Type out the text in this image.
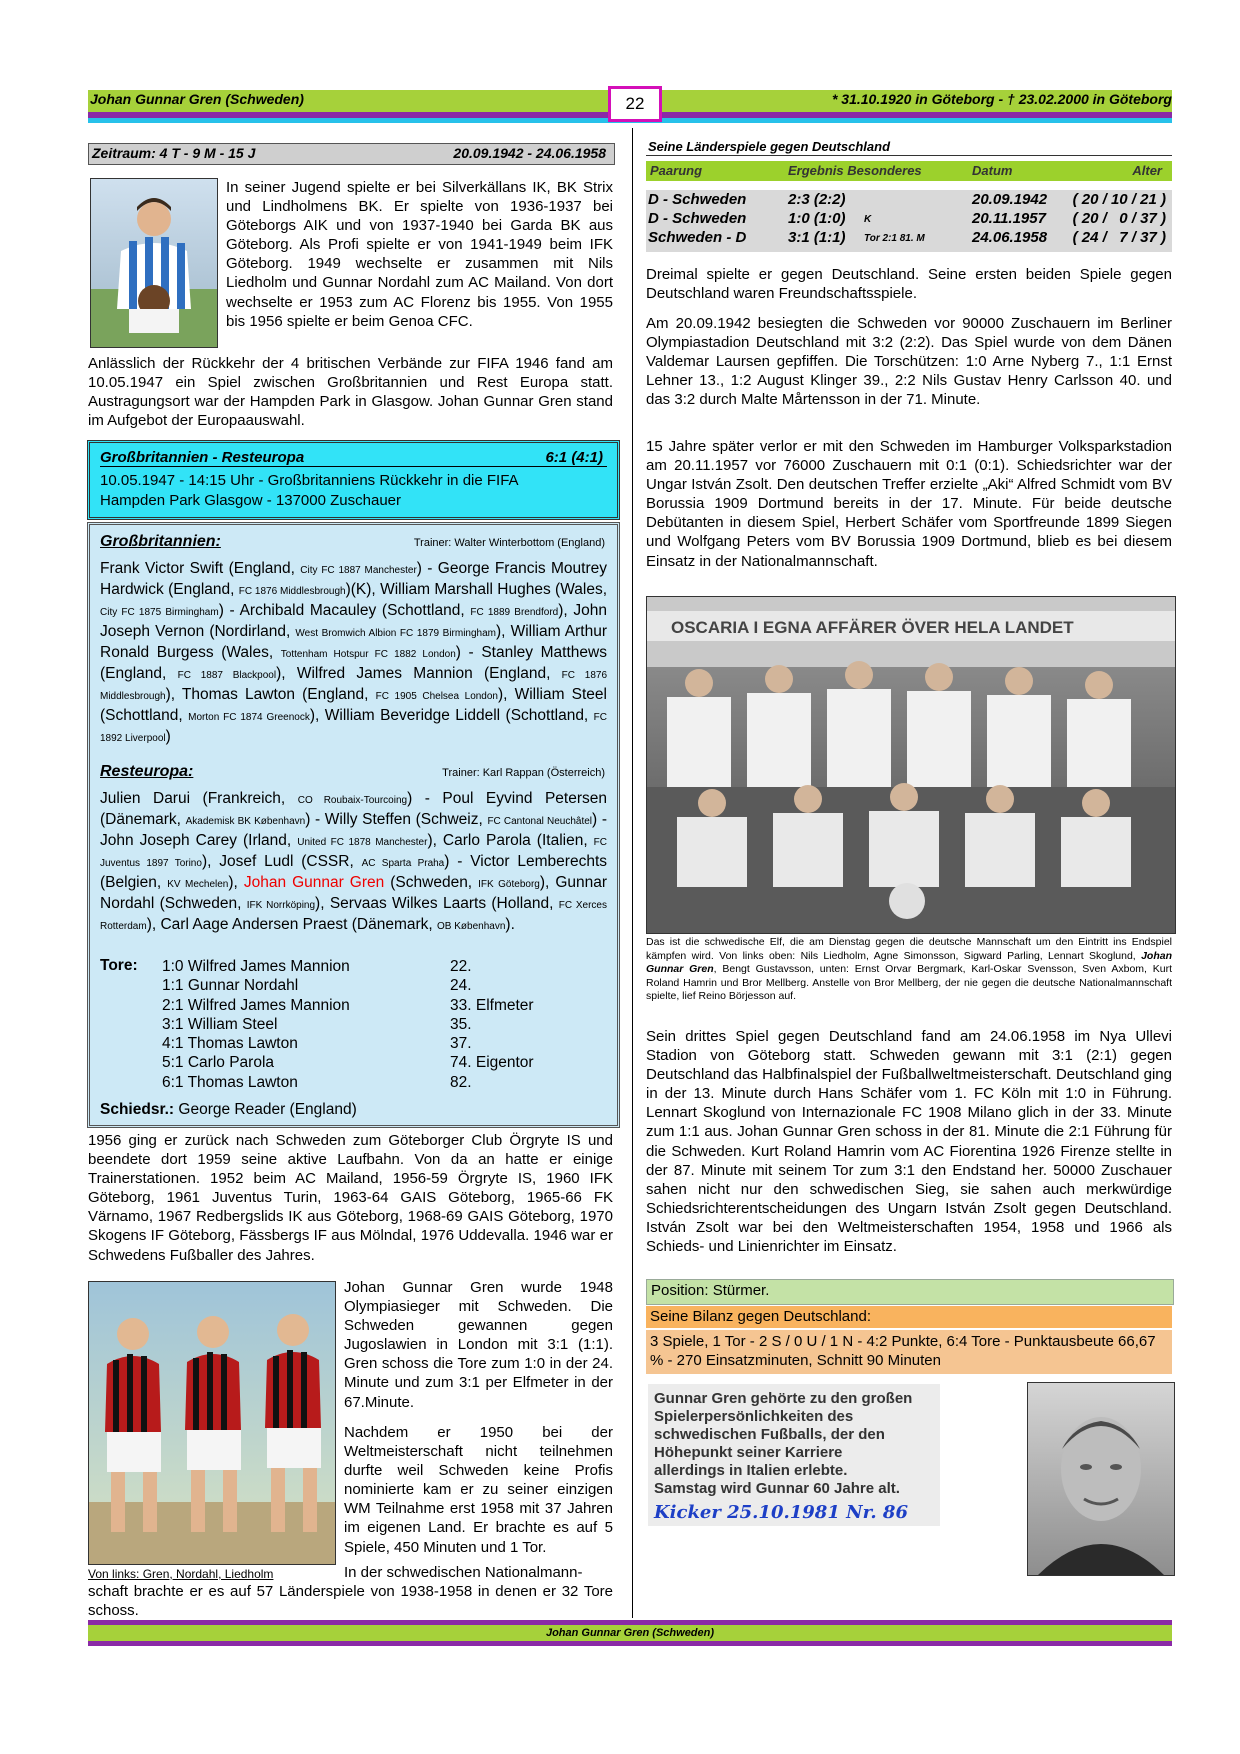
Johan Gunnar Gren (Schweden)	* 31.10.1920 in Göteborg - † 23.02.2000 in Göteborg
22
Zeitraum: 4 T - 9 M - 15 J	20.09.1942 - 24.06.1958
In seiner Jugend spielte er bei Silverkällans IK, BK Strix und Lindholmens BK. Er spielte von 1936-1937 bei Göteborgs AIK und von 1937-1940 bei Garda BK aus Göteborg. Als Profi spielte er von 1941-1949 beim IFK Göteborg. 1949 wechselte er zusammen mit Nils Liedholm und Gunnar Nordahl zum AC Mailand. Von dort wechselte er 1953 zum AC Florenz bis 1955. Von 1955 bis 1956 spielte er beim Genoa CFC.
Anlässlich der Rückkehr der 4 britischen Verbände zur FIFA 1946 fand am 10.05.1947 ein Spiel zwischen Großbritannien und Rest Europa statt. Austragungsort war der Hampden Park in Glasgow. Johan Gunnar Gren stand im Aufgebot der Europaauswahl.
Großbritannien - Resteuropa	6:1 (4:1)
10.05.1947 - 14:15 Uhr - Großbritanniens Rückkehr in die FIFA
Hampden Park Glasgow - 137000 Zuschauer
Großbritannien:	Trainer: Walter Winterbottom (England)
Frank Victor Swift (England, City FC 1887 Manchester) - George Francis Moutrey Hardwick (England, FC 1876 Middlesbrough)(K), William Marshall Hughes (Wales, City FC 1875 Birmingham) - Archibald Macauley (Schottland, FC 1889 Brendford), John Joseph Vernon (Nordirland, West Bromwich Albion FC 1879 Birmingham), William Arthur Ronald Burgess (Wales, Tottenham Hotspur FC 1882 London) - Stanley Matthews (England, FC 1887 Blackpool), Wilfred James Mannion (England, FC 1876 Middlesbrough), Thomas Lawton (England, FC 1905 Chelsea London), William Steel (Schottland, Morton FC 1874 Greenock), William Beveridge Liddell (Schottland, FC 1892 Liverpool)
Resteuropa:	Trainer: Karl Rappan (Österreich)
Julien Darui (Frankreich, CO Roubaix-Tourcoing) - Poul Eyvind Petersen (Dänemark, Akademisk BK København) - Willy Steffen (Schweiz, FC Cantonal Neuchâtel) - John Joseph Carey (Irland, United FC 1878 Manchester), Carlo Parola (Italien, FC Juventus 1897 Torino), Josef Ludl (CSSR, AC Sparta Praha) - Victor Lemberechts (Belgien, KV Mechelen), Johan Gunnar Gren (Schweden, IFK Göteborg), Gunnar Nordahl (Schweden, IFK Norrköping), Servaas Wilkes Laarts (Holland, FC Xerces Rotterdam), Carl Aage Andersen Praest (Dänemark, OB København).
Tore: 1:0 Wilfred James Mannion	22.
1:1 Gunnar Nordahl	24.
2:1 Wilfred James Mannion	33. Elfmeter
3:1 William Steel	35.
4:1 Thomas Lawton	37.
5:1 Carlo Parola	74. Eigentor
6:1 Thomas Lawton	82.
Schiedsr.: George Reader (England)
1956 ging er zurück nach Schweden zum Göteborger Club Örgryte IS und beendete dort 1959 seine aktive Laufbahn. Von da an hatte er einige Trainerstationen. 1952 beim AC Mailand, 1956-59 Örgryte IS, 1960 IFK Göteborg, 1961 Juventus Turin, 1963-64 GAIS Göteborg, 1965-66 FK Värnamo, 1967 Redbergslids IK aus Göteborg, 1968-69 GAIS Göteborg, 1970 Skogens IF Göteborg, Fässbergs IF aus Mölndal, 1976 Uddevalla. 1946 war er Schwedens Fußballer des Jahres.
Johan Gunnar Gren wurde 1948 Olympiasieger mit Schweden. Die Schweden gewannen gegen Jugoslawien in London mit 3:1 (1:1). Gren schoss die Tore zum 1:0 in der 24. Minute und zum 3:1 per Elfmeter in der 67.Minute.
Nachdem er 1950 bei der Weltmeisterschaft nicht teilnehmen durfte weil Schweden keine Profis nominierte kam er zu seiner einzigen WM Teilnahme erst 1958 mit 37 Jahren im eigenen Land. Er brachte es auf 5 Spiele, 450 Minuten und 1 Tor.
Von links: Gren, Nordahl, Liedholm	In der schwedischen Nationalmann-
schaft brachte er es auf 57 Länderspiele von 1938-1958 in denen er 32 Tore schoss.
Seine Länderspiele gegen Deutschland
Paarung	Ergebnis Besonderes	Datum	Alter
D - Schweden	2:3 (2:2)	20.09.1942 ( 20 / 10 / 21 )
D - Schweden	1:0 (1:0) K	20.11.1957 ( 20 /   0 / 37 )
Schweden - D	3:1 (1:1) Tor 2:1 81. M	24.06.1958 ( 24 /   7 / 37 )
Dreimal spielte er gegen Deutschland. Seine ersten beiden Spiele gegen Deutschland waren Freundschaftsspiele.
Am 20.09.1942 besiegten die Schweden vor 90000 Zuschauern im Berliner Olympiastadion Deutschland mit 3:2 (2:2). Das Spiel wurde von dem Dänen Valdemar Laursen gepfiffen. Die Torschützen: 1:0 Arne Nyberg 7., 1:1 Ernst Lehner 13., 1:2 August Klinger 39., 2:2 Nils Gustav Henry Carlsson 40. und das 3:2 durch Malte Mårtensson in der 71. Minute.
15 Jahre später verlor er mit den Schweden im Hamburger Volksparkstadion am 20.11.1957 vor 76000 Zuschauern mit 0:1 (0:1). Schiedsrichter war der Ungar István Zsolt. Den deutschen Treffer erzielte „Aki“ Alfred Schmidt vom BV Borussia 1909 Dortmund bereits in der 17. Minute. Für beide deutsche Debütanten in diesem Spiel, Herbert Schäfer vom Sportfreunde 1899 Siegen und Wolfgang Peters vom BV Borussia 1909 Dortmund, blieb es bei diesem Einsatz in der Nationalmannschaft.
OSCARIA I EGNA AFFÄRER ÖVER HELA LANDET
Das ist die schwedische Elf, die am Dienstag gegen die deutsche Mannschaft um den Eintritt ins Endspiel kämpfen wird. Von links oben: Nils Liedholm, Agne Simonsson, Sigward Parling, Lennart Skoglund, Johan Gunnar Gren, Bengt Gustavsson, unten: Ernst Orvar Bergmark, Karl-Oskar Svensson, Sven Axbom, Kurt Roland Hamrin und Bror Mellberg. Anstelle von Bror Mellberg, der nie gegen die deutsche Nationalmannschaft spielte, lief Reino Börjesson auf.
Sein drittes Spiel gegen Deutschland fand am 24.06.1958 im Nya Ullevi Stadion von Göteborg statt. Schweden gewann mit 3:1 (2:1) gegen Deutschland das Halbfinalspiel der Fußballweltmeisterschaft. Deutschland ging in der 13. Minute durch Hans Schäfer vom 1. FC Köln mit 1:0 in Führung. Lennart Skoglund von Internazionale FC 1908 Milano glich in der 33. Minute zum 1:1 aus. Johan Gunnar Gren schoss in der 81. Minute die 2:1 Führung für die Schweden. Kurt Roland Hamrin vom AC Fiorentina 1926 Firenze stellte in der 87. Minute mit seinem Tor zum 3:1 den Endstand her. 50000 Zuschauer sahen nicht nur den schwedischen Sieg, sie sahen auch merkwürdige Schiedsrichterentscheidungen des Ungarn István Zsolt gegen Deutschland. István Zsolt war bei den Weltmeisterschaften 1954, 1958 und 1966 als Schieds- und Linienrichter im Einsatz.
Position: Stürmer.
Seine Bilanz gegen Deutschland:
3 Spiele, 1 Tor - 2 S / 0 U / 1 N - 4:2 Punkte, 6:4 Tore - Punktausbeute 66,67 % - 270 Einsatzminuten, Schnitt 90 Minuten
Gunnar Gren gehörte zu den großen
Spielerpersönlichkeiten des
schwedischen Fußballs, der den
Höhepunkt seiner Karriere
allerdings in Italien erlebte.
Samstag wird Gunnar 60 Jahre alt.
Kicker 25.10.1981 Nr. 86
Johan Gunnar Gren (Schweden)
